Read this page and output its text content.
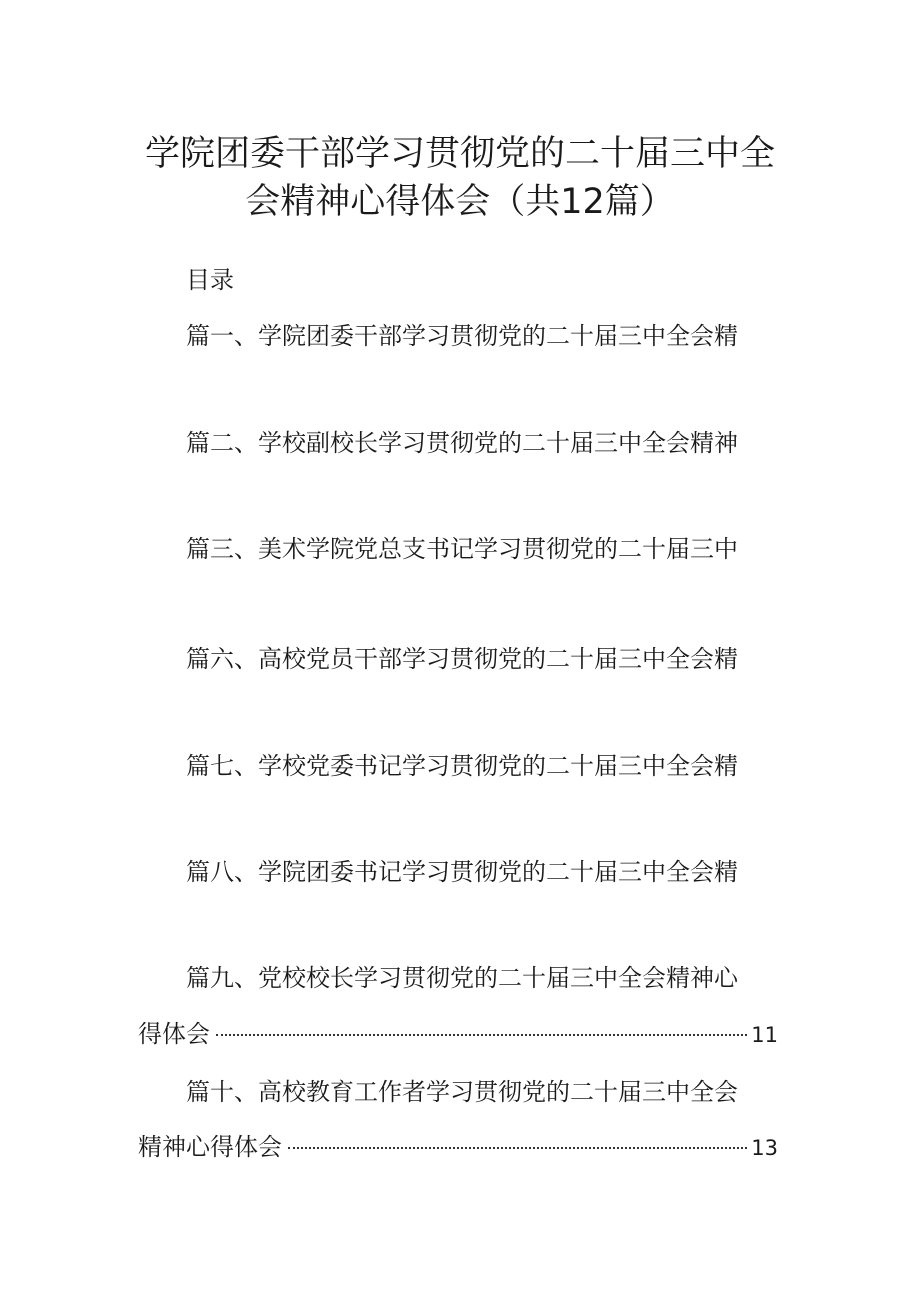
学院团委干部学习贯彻党的二十届三中全
会精神心得体会（共12篇）
目录
篇一、学院团委干部学习贯彻党的二十届三中全会精
篇二、学校副校长学习贯彻党的二十届三中全会精神
篇三、美术学院党总支书记学习贯彻党的二十届三中
篇六、高校党员干部学习贯彻党的二十届三中全会精
篇七、学校党委书记学习贯彻党的二十届三中全会精
篇八、学院团委书记学习贯彻党的二十届三中全会精
篇九、党校校长学习贯彻党的二十届三中全会精神心
得体会	11
篇十、高校教育工作者学习贯彻党的二十届三中全会
精神心得体会	13
